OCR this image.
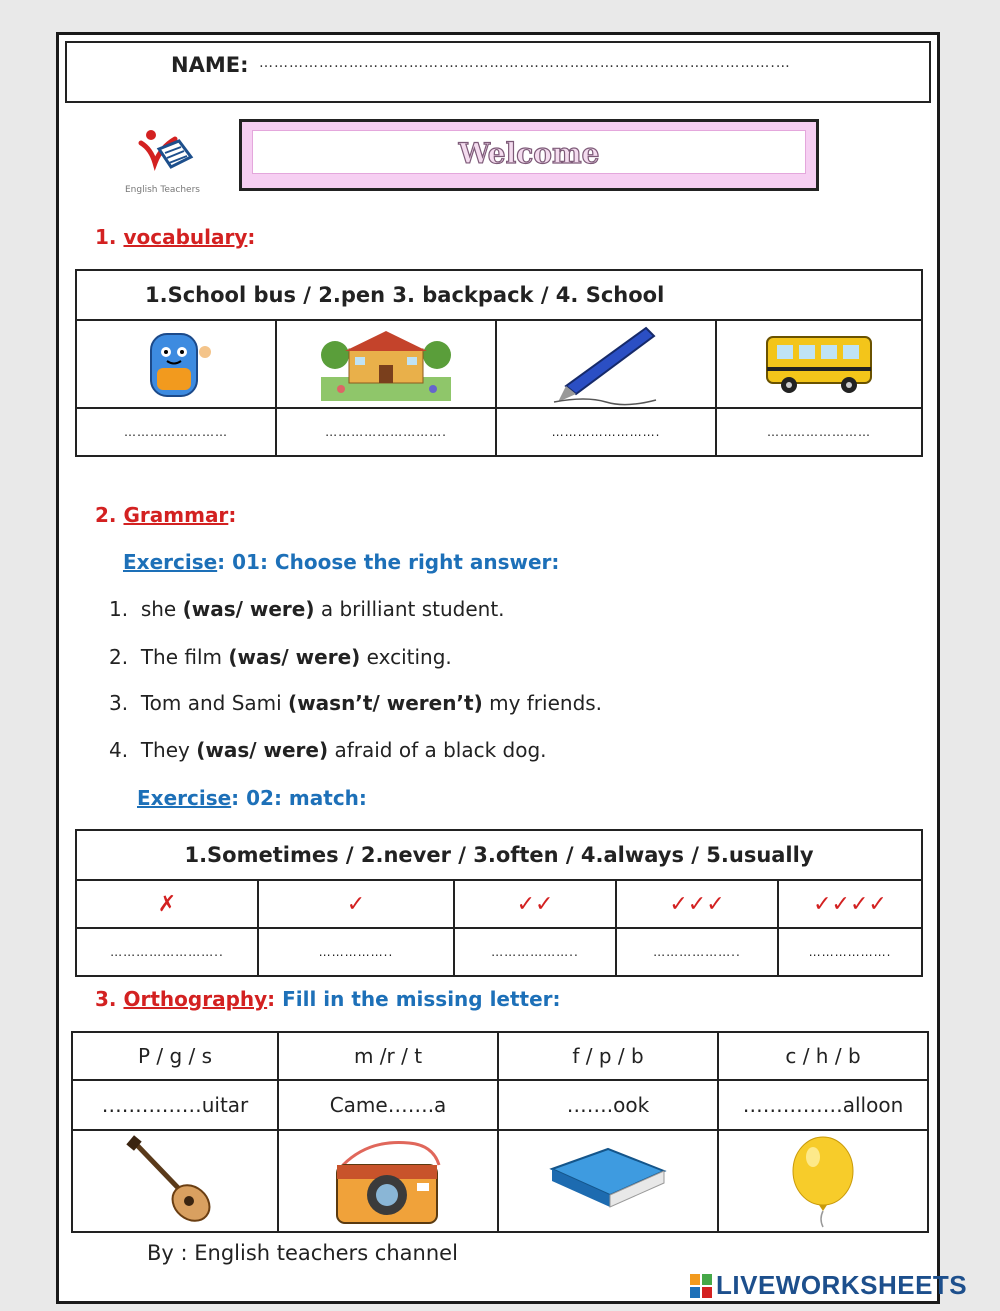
NAME: ……………………………….…………….………………………………….……….…
English Teachers
Welcome
1. vocabulary:
1.School bus / 2.pen 3. backpack / 4. School			

……………………	……………………….	…………………….	……………………
2. Grammar:
Exercise: 01: Choose the right answer:
1. she (was/ were) a brilliant student.
2. The film (was/ were) exciting.
3. Tom and Sami (wasn’t/ weren’t) my friends.
4. They (was/ were) afraid of a black dog.
Exercise: 02: match:
1.Sometimes / 2.never / 3.often / 4.always / 5.usually				
✗	✓	✓✓	✓✓✓	✓✓✓✓
……………………..	……………..	………………..	………………..	……………….
3. Orthography: Fill in the missing letter:
P / g / s	m /r / t	f / p / b	c / h / b
……………uitar	Came…….a	…….ook	……………alloon

By : English teachers channel
LIVEWORKSHEETS
